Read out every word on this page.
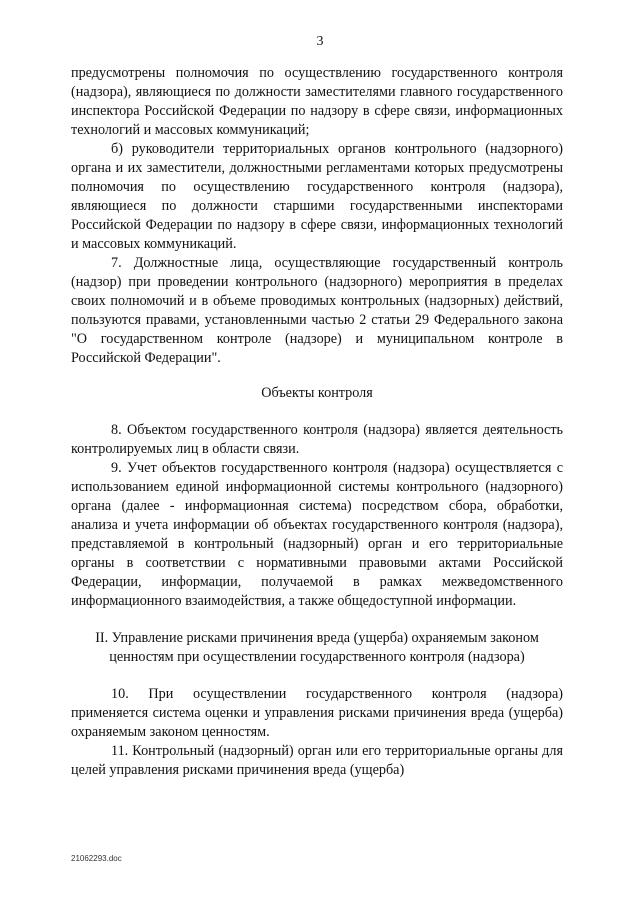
3

предусмотрены полномочия по осуществлению государственного контроля (надзора), являющиеся по должности заместителями главного государственного инспектора Российской Федерации по надзору в сфере связи, информационных технологий и массовых коммуникаций;

б) руководители территориальных органов контрольного (надзорного) органа и их заместители, должностными регламентами которых предусмотрены полномочия по осуществлению государственного контроля (надзора), являющиеся по должности старшими государственными инспекторами Российской Федерации по надзору в сфере связи, информационных технологий и массовых коммуникаций.

7. Должностные лица, осуществляющие государственный контроль (надзор) при проведении контрольного (надзорного) мероприятия в пределах своих полномочий и в объеме проводимых контрольных (надзорных) действий, пользуются правами, установленными частью 2 статьи 29 Федерального закона "О государственном контроле (надзоре) и муниципальном контроле в Российской Федерации".

Объекты контроля

8. Объектом государственного контроля (надзора) является деятельность контролируемых лиц в области связи.

9. Учет объектов государственного контроля (надзора) осуществляется с использованием единой информационной системы контрольного (надзорного) органа (далее - информационная система) посредством сбора, обработки, анализа и учета информации об объектах государственного контроля (надзора), представляемой в контрольный (надзорный) орган и его территориальные органы в соответствии с нормативными правовыми актами Российской Федерации, информации, получаемой в рамках межведомственного информационного взаимодействия, а также общедоступной информации.

II. Управление рисками причинения вреда (ущерба) охраняемым законом ценностям при осуществлении государственного контроля (надзора)

10. При осуществлении государственного контроля (надзора) применяется система оценки и управления рисками причинения вреда (ущерба) охраняемым законом ценностям.

11. Контрольный (надзорный) орган или его территориальные органы для целей управления рисками причинения вреда (ущерба)

21062293.doc
